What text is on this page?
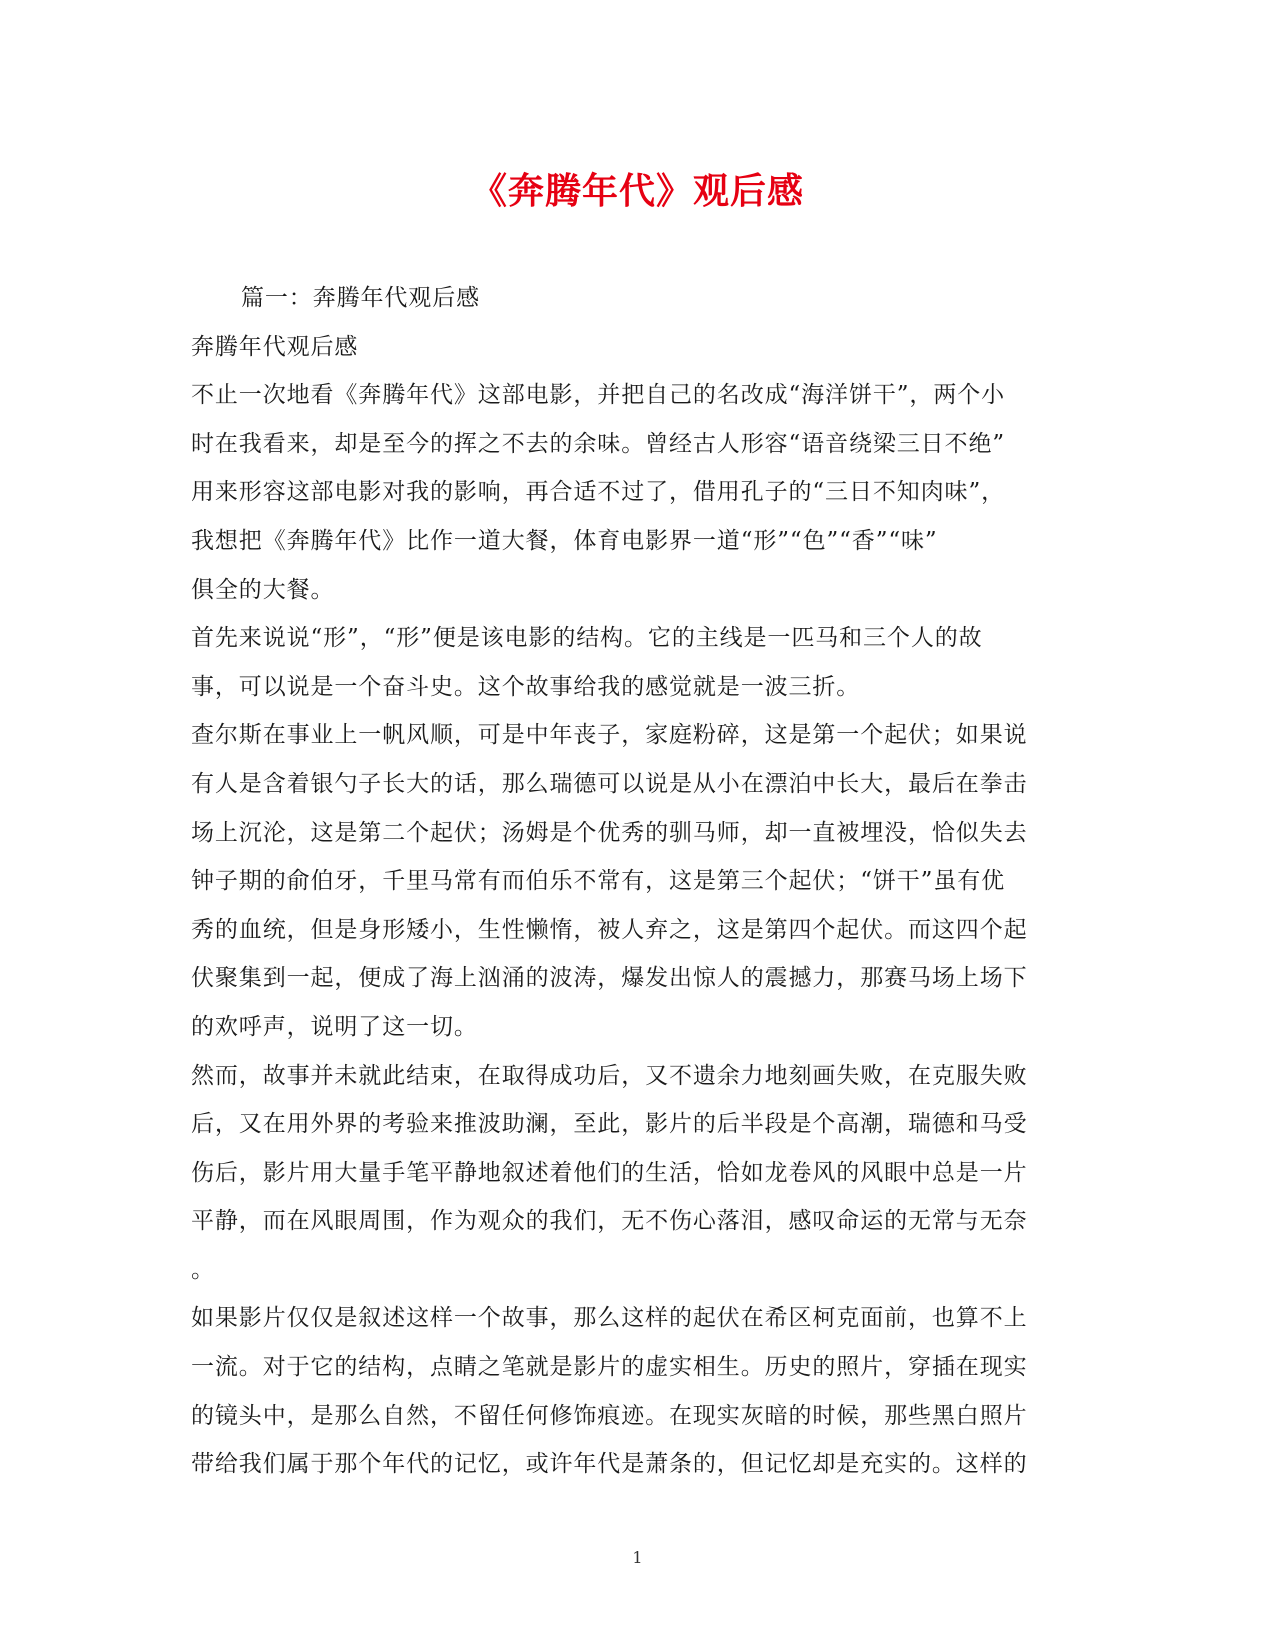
《奔腾年代》观后感
篇一：奔腾年代观后感
奔腾年代观后感
不止一次地看《奔腾年代》这部电影，并把自己的名改成“海洋饼干”，两个小
时在我看来，却是至今的挥之不去的余味。曾经古人形容“语音绕梁三日不绝”
用来形容这部电影对我的影响，再合适不过了，借用孔子的“三日不知肉味”，
我想把《奔腾年代》比作一道大餐，体育电影界一道“形”“色”“香”“味”
俱全的大餐。
首先来说说“形”，“形”便是该电影的结构。它的主线是一匹马和三个人的故
事，可以说是一个奋斗史。这个故事给我的感觉就是一波三折。
查尔斯在事业上一帆风顺，可是中年丧子，家庭粉碎，这是第一个起伏；如果说
有人是含着银勺子长大的话，那么瑞德可以说是从小在漂泊中长大，最后在拳击
场上沉沦，这是第二个起伏；汤姆是个优秀的驯马师，却一直被埋没，恰似失去
钟子期的俞伯牙，千里马常有而伯乐不常有，这是第三个起伏；“饼干”虽有优
秀的血统，但是身形矮小，生性懒惰，被人弃之，这是第四个起伏。而这四个起
伏聚集到一起，便成了海上汹涌的波涛，爆发出惊人的震撼力，那赛马场上场下
的欢呼声，说明了这一切。
然而，故事并未就此结束，在取得成功后，又不遗余力地刻画失败，在克服失败
后，又在用外界的考验来推波助澜，至此，影片的后半段是个高潮，瑞德和马受
伤后，影片用大量手笔平静地叙述着他们的生活，恰如龙卷风的风眼中总是一片
平静，而在风眼周围，作为观众的我们，无不伤心落泪，感叹命运的无常与无奈
。
如果影片仅仅是叙述这样一个故事，那么这样的起伏在希区柯克面前，也算不上
一流。对于它的结构，点睛之笔就是影片的虚实相生。历史的照片，穿插在现实
的镜头中，是那么自然，不留任何修饰痕迹。在现实灰暗的时候，那些黑白照片
带给我们属于那个年代的记忆，或许年代是萧条的，但记忆却是充实的。这样的
1
